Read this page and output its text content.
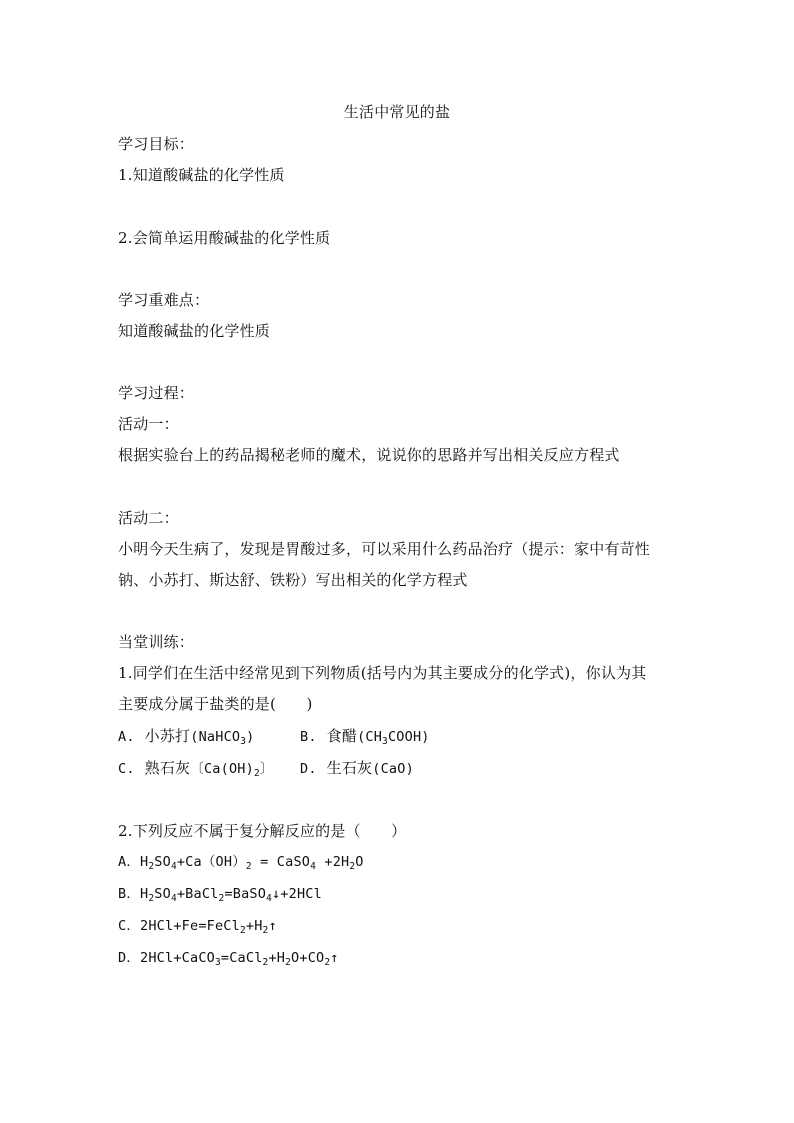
生活中常见的盐
学习目标：
1.知道酸碱盐的化学性质
2.会简单运用酸碱盐的化学性质
学习重难点：
知道酸碱盐的化学性质
学习过程：
活动一：
根据实验台上的药品揭秘老师的魔术，说说你的思路并写出相关反应方程式
活动二：
小明今天生病了，发现是胃酸过多，可以采用什么药品治疗（提示：家中有苛性
钠、小苏打、斯达舒、铁粉）写出相关的化学方程式
当堂训练：
1.同学们在生活中经常见到下列物质(括号内为其主要成分的化学式)，你认为其
主要成分属于盐类的是(　　)
A. 小苏打(NaHCO$_3$)	B. 食醋$(CH_3COOH)$
C. 熟石灰〔$Ca(OH)_2$〕 D. 生石灰(CaO)
2.下列反应不属于复分解反应的是（　　）
A．$H_2SO_4+Ca(OH)_2$ = CaSO$_4$ $+2H_2O$
B．$H_2SO_4+BaCl_2=BaSO_4↓+2HCl$
C．$2HCl+Fe=FeCl_2+H_2↑$
D．$2HCl+CaCO_3=CaCl_2+H_2O+CO_2↑$
